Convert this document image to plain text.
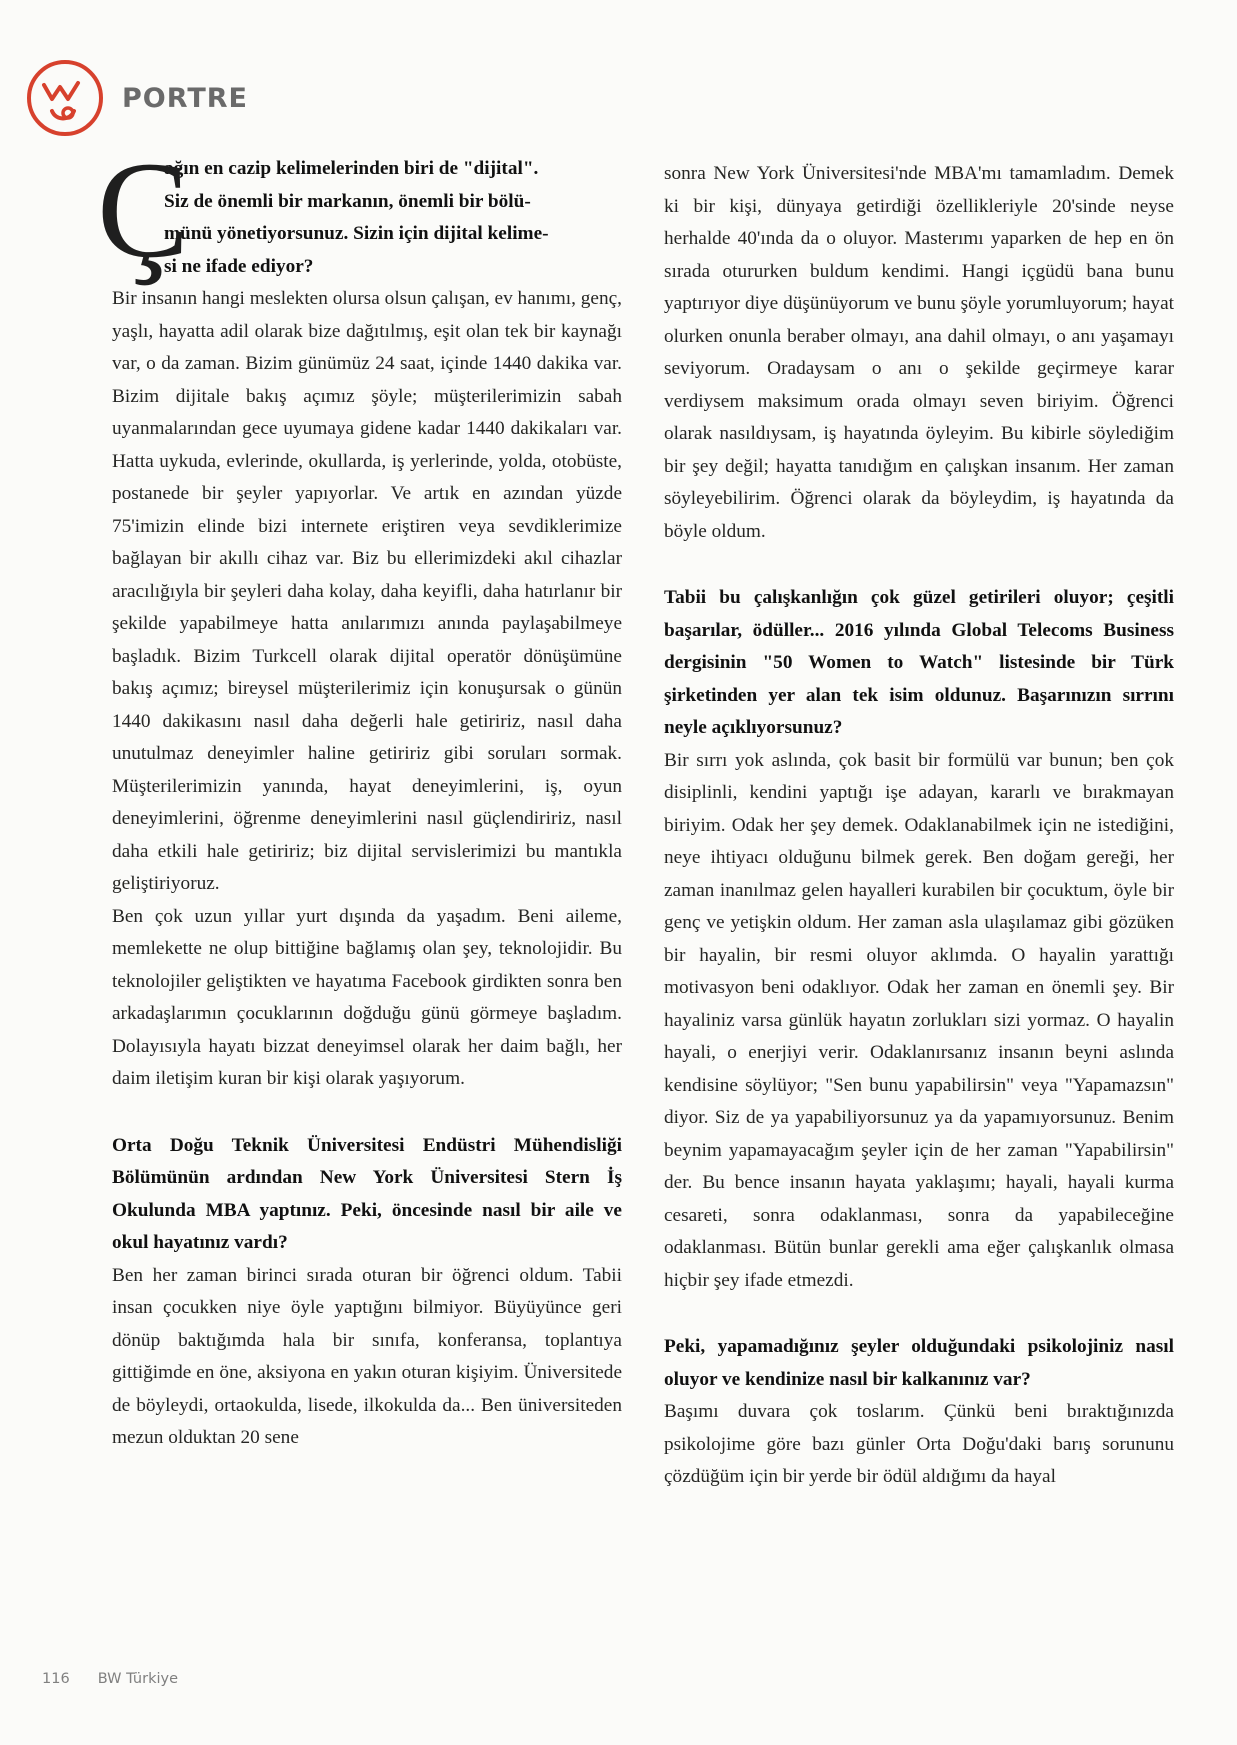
PORTRE
Ç

ağın en cazip kelimelerinden biri de "dijital".

Siz de önemli bir markanın, önemli bir bölü-

münü yönetiyorsunuz. Sizin için dijital kelime-

si ne ifade ediyor?

Bir insanın hangi meslekten olursa olsun çalışan, ev hanımı, genç, yaşlı, hayatta adil olarak bize dağıtılmış, eşit olan tek bir kaynağı var, o da zaman. Bizim günümüz 24 saat, içinde 1440 dakika var. Bizim dijitale bakış açımız şöyle; müşterilerimizin sabah uyanmalarından gece uyumaya gidene kadar 1440 dakikaları var. Hatta uykuda, evlerinde, okullarda, iş yerlerinde, yolda, otobüste, postanede bir şeyler yapıyorlar. Ve artık en azından yüzde 75'imizin elinde bizi internete eriştiren veya sevdiklerimize bağlayan bir akıllı cihaz var. Biz bu ellerimizdeki akıl cihazlar aracılığıyla bir şeyleri daha kolay, daha keyifli, daha hatırlanır bir şekilde yapabilmeye hatta anılarımızı anında paylaşabilmeye başladık. Bizim Turkcell olarak dijital operatör dönüşümüne bakış açımız; bireysel müşterilerimiz için konuşursak o günün 1440 dakikasını nasıl daha değerli hale getiririz, nasıl daha unutulmaz deneyimler haline getiririz gibi soruları sormak. Müşterilerimizin yanında, hayat deneyimlerini, iş, oyun deneyimlerini, öğrenme deneyimlerini nasıl güçlendiririz, nasıl daha etkili hale getiririz; biz dijital servislerimizi bu mantıkla geliştiriyoruz.

Ben çok uzun yıllar yurt dışında da yaşadım. Beni aileme, memlekette ne olup bittiğine bağlamış olan şey, teknolojidir. Bu teknolojiler geliştikten ve hayatıma Facebook girdikten sonra ben arkadaşlarımın çocuklarının doğduğu günü görmeye başladım. Dolayısıyla hayatı bizzat deneyimsel olarak her daim bağlı, her daim iletişim kuran bir kişi olarak yaşıyorum.

Orta Doğu Teknik Üniversitesi Endüstri Mühendisliği Bölümünün ardından New York Üniversitesi Stern İş Okulunda MBA yaptınız. Peki, öncesinde nasıl bir aile ve okul hayatınız vardı?

Ben her zaman birinci sırada oturan bir öğrenci oldum. Tabii insan çocukken niye öyle yaptığını bilmiyor. Büyüyünce geri dönüp baktığımda hala bir sınıfa, konferansa, toplantıya gittiğimde en öne, aksiyona en yakın oturan kişiyim. Üniversitede de böyleydi, ortaokulda, lisede, ilkokulda da... Ben üniversiteden mezun olduktan 20 sene

sonra New York Üniversitesi'nde MBA'mı tamamladım. Demek ki bir kişi, dünyaya getirdiği özellikleriyle 20'sinde neyse herhalde 40'ında da o oluyor. Masterımı yaparken de hep en ön sırada otururken buldum kendimi. Hangi içgüdü bana bunu yaptırıyor diye düşünüyorum ve bunu şöyle yorumluyorum; hayat olurken onunla beraber olmayı, ana dahil olmayı, o anı yaşamayı seviyorum. Oradaysam o anı o şekilde geçirmeye karar verdiysem maksimum orada olmayı seven biriyim. Öğrenci olarak nasıldıysam, iş hayatında öyleyim. Bu kibirle söylediğim bir şey değil; hayatta tanıdığım en çalışkan insanım. Her zaman söyleyebilirim. Öğrenci olarak da böyleydim, iş hayatında da böyle oldum.

Tabii bu çalışkanlığın çok güzel getirileri oluyor; çeşitli başarılar, ödüller... 2016 yılında Global Telecoms Business dergisinin "50 Women to Watch" listesinde bir Türk şirketinden yer alan tek isim oldunuz. Başarınızın sırrını neyle açıklıyorsunuz?

Bir sırrı yok aslında, çok basit bir formülü var bunun; ben çok disiplinli, kendini yaptığı işe adayan, kararlı ve bırakmayan biriyim. Odak her şey demek. Odaklanabilmek için ne istediğini, neye ihtiyacı olduğunu bilmek gerek. Ben doğam gereği, her zaman inanılmaz gelen hayalleri kurabilen bir çocuktum, öyle bir genç ve yetişkin oldum. Her zaman asla ulaşılamaz gibi gözüken bir hayalin, bir resmi oluyor aklımda. O hayalin yarattığı motivasyon beni odaklıyor. Odak her zaman en önemli şey. Bir hayaliniz varsa günlük hayatın zorlukları sizi yormaz. O hayalin hayali, o enerjiyi verir. Odaklanırsanız insanın beyni aslında kendisine söylüyor; "Sen bunu yapabilirsin" veya "Yapamazsın" diyor. Siz de ya yapabiliyorsunuz ya da yapamıyorsunuz. Benim beynim yapamayacağım şeyler için de her zaman "Yapabilirsin" der. Bu bence insanın hayata yaklaşımı; hayali, hayali kurma cesareti, sonra odaklanması, sonra da yapabileceğine odaklanması. Bütün bunlar gerekli ama eğer çalışkanlık olmasa hiçbir şey ifade etmezdi.

Peki, yapamadığınız şeyler olduğundaki psikolojiniz nasıl oluyor ve kendinize nasıl bir kalkanınız var?

Başımı duvara çok toslarım. Çünkü beni bıraktığınızda psikolojime göre bazı günler Orta Doğu'daki barış sorununu çözdüğüm için bir yerde bir ödül aldığımı da hayal

116 BW Türkiye
